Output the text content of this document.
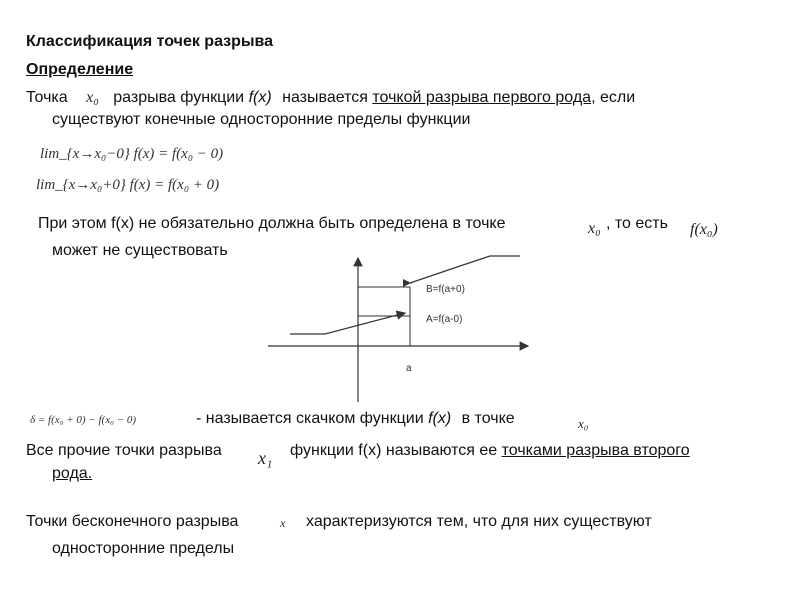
Классификация точек разрыва
Определение
Точка x₀ разрыва функции f(x) называется точкой разрыва первого рода, если
существуют конечные односторонние пределы функции
lim_{x→x₀−0} f(x) = f(x₀ − 0)
lim_{x→x₀+0} f(x) = f(x₀ + 0)
При этом f(x) не обязательно должна быть определена в точке	x₀ , то есть f(x₀)
может не существовать
B=f(a+0)
A=f(a-0)
a
δ = f(x₀ + 0) − f(x₀ − 0)	- называется скачком функции f(x) в точке	x₀
Все прочие точки разрыва x₁ функции f(x) называются ее точками разрыва второго
рода.
Точки бесконечного разрыва	x характеризуются тем, что для них существуют
односторонние пределы
